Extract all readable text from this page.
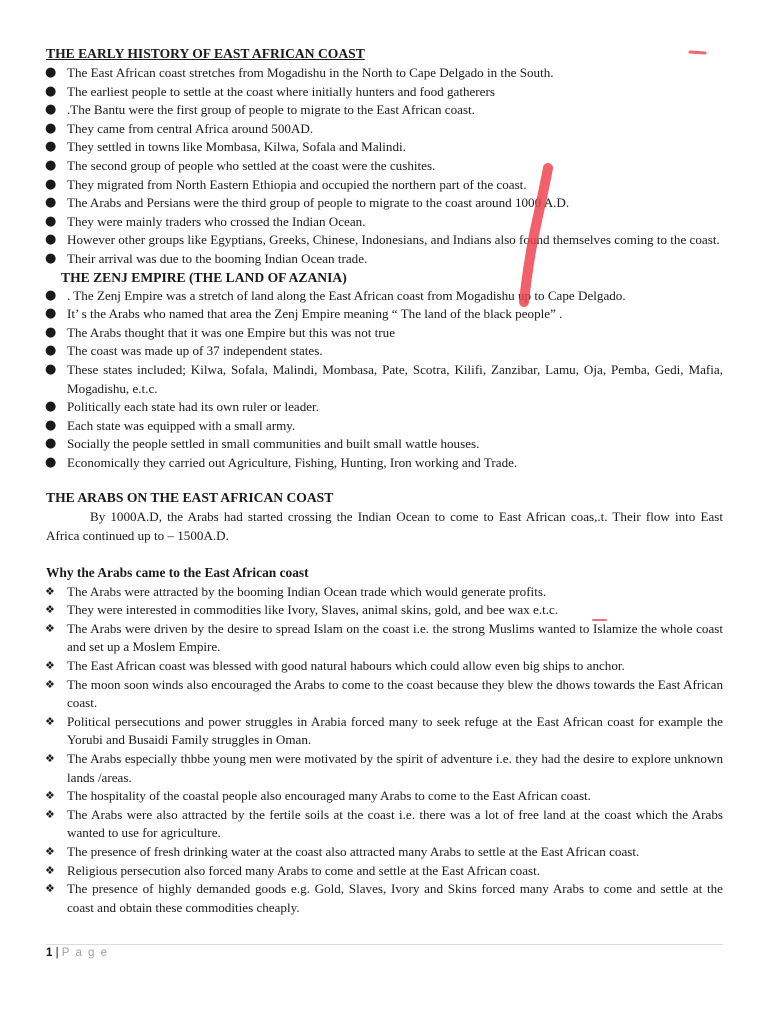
THE EARLY HISTORY OF EAST AFRICAN COAST
● The East African coast stretches from Mogadishu in the North to Cape Delgado in the South.
● The earliest people to settle at the coast where initially hunters and food gatherers
● .The Bantu were the first group of people to migrate to the East African coast.
● They came from central Africa around 500AD.
● They settled in towns like Mombasa, Kilwa, Sofala and Malindi.
● The second group of people who settled at the coast were the cushites.
● They migrated from North Eastern Ethiopia and occupied the northern part of the coast.
● The Arabs and Persians were the third group of people to migrate to the coast around 1000 A.D.
● They were mainly traders who crossed the Indian Ocean.
● However other groups like Egyptians, Greeks, Chinese, Indonesians, and Indians also found themselves coming to the coast.
● Their arrival was due to the booming Indian Ocean trade.
THE ZENJ EMPIRE (THE LAND OF AZANIA)
● . The Zenj Empire was a stretch of land along the East African coast from Mogadishu up to Cape Delgado.
● It’ s the Arabs who named that area the Zenj Empire meaning “ The land of the black people” .
● The Arabs thought that it was one Empire but this was not true
● The coast was made up of 37 independent states.
● These states included; Kilwa, Sofala, Malindi, Mombasa, Pate, Scotra, Kilifi, Zanzibar, Lamu, Oja, Pemba, Gedi, Mafia, Mogadishu, e.t.c.
● Politically each state had its own ruler or leader.
● Each state was equipped with a small army.
● Socially the people settled in small communities and built small wattle houses.
● Economically they carried out Agriculture, Fishing, Hunting, Iron working and Trade.
THE ARABS ON THE EAST AFRICAN COAST

By 1000A.D, the Arabs had started crossing the Indian Ocean to come to East African coas,.t. Their flow into East Africa continued up to – 1500A.D.

Why the Arabs came to the East African coast
❖ The Arabs were attracted by the booming Indian Ocean trade which would generate profits.
❖ They were interested in commodities like Ivory, Slaves, animal skins, gold, and bee wax e.t.c.
❖ The Arabs were driven by the desire to spread Islam on the coast i.e. the strong Muslims wanted to Islamize the whole coast and set up a Moslem Empire.
❖ The East African coast was blessed with good natural habours which could allow even big ships to anchor.
❖ The moon soon winds also encouraged the Arabs to come to the coast because they blew the dhows towards the East African coast.
❖ Political persecutions and power struggles in Arabia forced many to seek refuge at the East African coast for example the Yorubi and Busaidi Family struggles in Oman.
❖ The Arabs especially thbbe young men were motivated by the spirit of adventure i.e. they had the desire to explore unknown lands /areas.
❖ The hospitality of the coastal people also encouraged many Arabs to come to the East African coast.
❖ The Arabs were also attracted by the fertile soils at the coast i.e. there was a lot of free land at the coast which the Arabs wanted to use for agriculture.
❖ The presence of fresh drinking water at the coast also attracted many Arabs to settle at the East African coast.
❖ Religious persecution also forced many Arabs to come and settle at the East African coast.
❖ The presence of highly demanded goods e.g. Gold, Slaves, Ivory and Skins forced many Arabs to come and settle at the coast and obtain these commodities cheaply.
1 | P a g e
